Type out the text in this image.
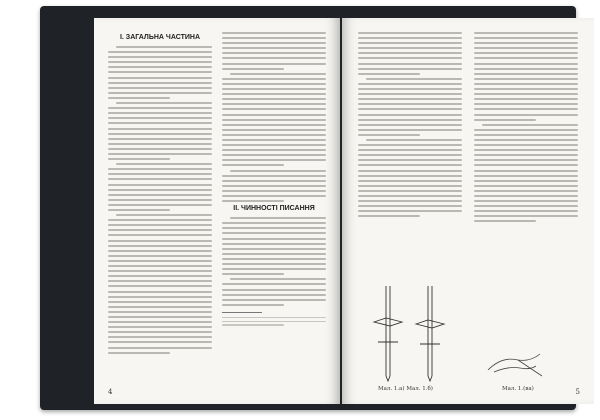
І. ЗАГАЛЬНА ЧАСТИНА
ІІ. ЧИННОСТІ ПИСАННЯ
4	Мал. 1.а) Мал. 1.б)	Мал. 1.(ва)	5
